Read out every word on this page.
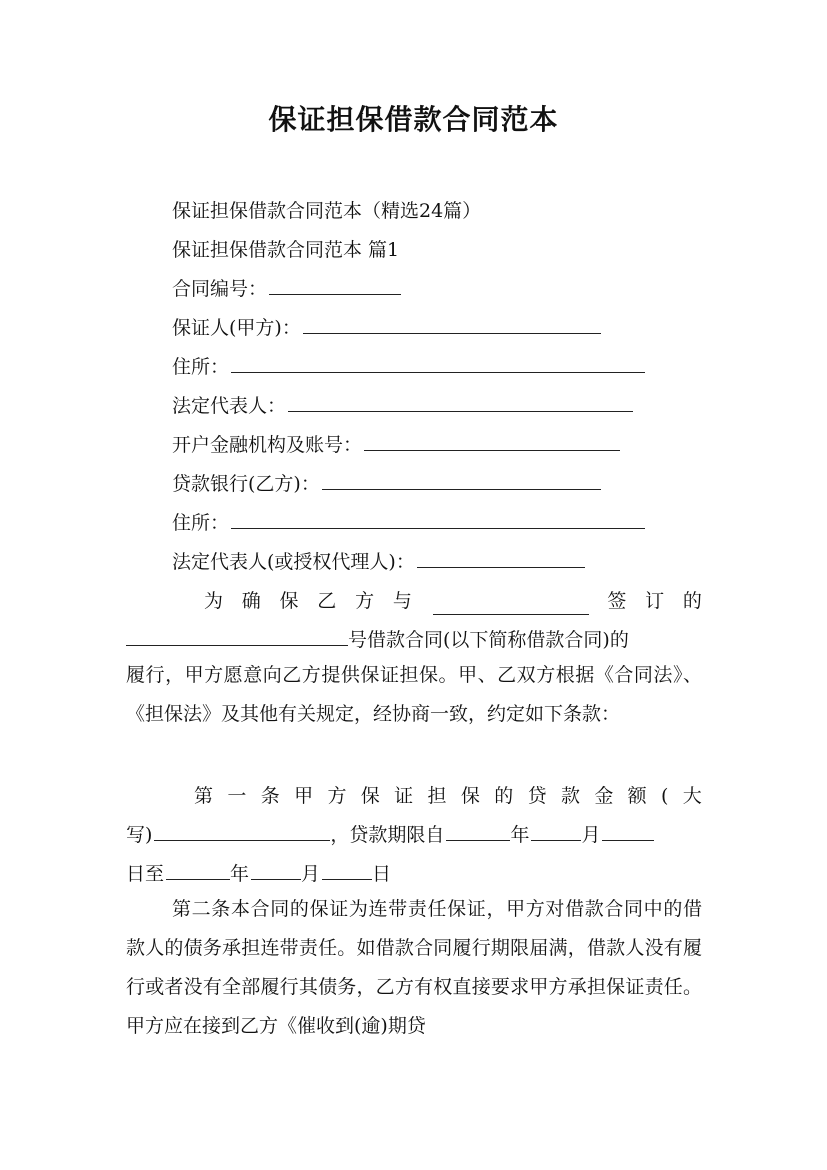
保证担保借款合同范本
保证担保借款合同范本（精选24篇）
保证担保借款合同范本 篇1
合同编号：
保证人(甲方)：
住所：
法定代表人：
开户金融机构及账号：
贷款银行(乙方)：
住所：
法定代表人(或授权代理人)：
为 确 保 乙 方 与	签 订 的
号借款合同(以下简称借款合同)的
履行，甲方愿意向乙方提供保证担保。甲、乙双方根据《合同法》、《担保法》及其他有关规定，经协商一致，约定如下条款：
第 一 条 甲 方 保 证 担 保 的 贷 款 金 额 ( 大
写)	，贷款期限自	年	月
日至	年	月	日
第二条本合同的保证为连带责任保证，甲方对借款合同中的借款人的债务承担连带责任。如借款合同履行期限届满，借款人没有履行或者没有全部履行其债务，乙方有权直接要求甲方承担保证责任。甲方应在接到乙方《催收到(逾)期贷
